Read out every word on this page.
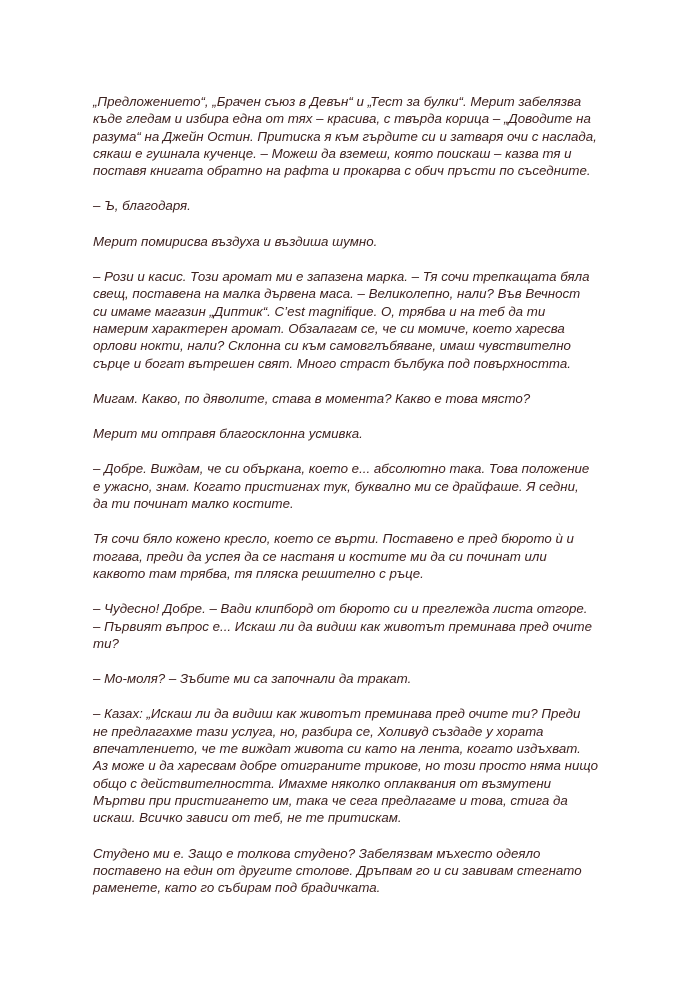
„Предложението“, „Брачен съюз в Девън“ и „Тест за булки“. Мерит забелязва
къде гледам и избира една от тях – красива, с твърда корица – „Доводите на
разума“ на Джейн Остин. Притиска я към гърдите си и затваря очи с наслада,
сякаш е гушнала кученце. – Можеш да вземеш, която поискаш – казва тя и
поставя книгата обратно на рафта и прокарва с обич пръсти по съседните.

– Ъ, благодаря.

Мерит помирисва въздуха и въздиша шумно.

– Рози и касис. Този аромат ми е запазена марка. – Тя сочи трепкащата бяла
свещ, поставена на малка дървена маса. – Великолепно, нали? Във Вечност
си имаме магазин „Диптик“. C’est magnifique. О, трябва и на теб да ти
намерим характерен аромат. Обзалагам се, че си момиче, което харесва
орлови нокти, нали? Склонна си към самовглъбяване, имаш чувствително
сърце и богат вътрешен свят. Много страст бълбука под повърхността.

Мигам. Какво, по дяволите, става в момента? Какво е това място?

Мерит ми отправя благосклонна усмивка.

– Добре. Виждам, че си объркана, което е... абсолютно така. Това положение
е ужасно, знам. Когато пристигнах тук, буквално ми се драйфаше. Я седни,
да ти починат малко костите.

Тя сочи бяло кожено кресло, което се върти. Поставено е пред бюрото ѝ и
тогава, преди да успея да се настаня и костите ми да си починат или
каквото там трябва, тя пляска решително с ръце.

– Чудесно! Добре. – Вади клипборд от бюрото си и преглежда листа отгоре.
– Първият въпрос е... Искаш ли да видиш как животът преминава пред очите
ти?

– Мо-моля? – Зъбите ми са започнали да тракат.

– Казах: „Искаш ли да видиш как животът преминава пред очите ти? Преди
не предлагахме тази услуга, но, разбира се, Холивуд създаде у хората
впечатлението, че те виждат живота си като на лента, когато издъхват.
Аз може и да харесвам добре отиграните трикове, но този просто няма нищо
общо с действителността. Имахме няколко оплаквания от възмутени
Мъртви при пристигането им, така че сега предлагаме и това, стига да
искаш. Всичко зависи от теб, не те притискам.

Студено ми е. Защо е толкова студено? Забелязвам мъхесто одеяло
поставено на един от другите столове. Дръпвам го и си завивам стегнато
раменете, като го събирам под брадичката.
